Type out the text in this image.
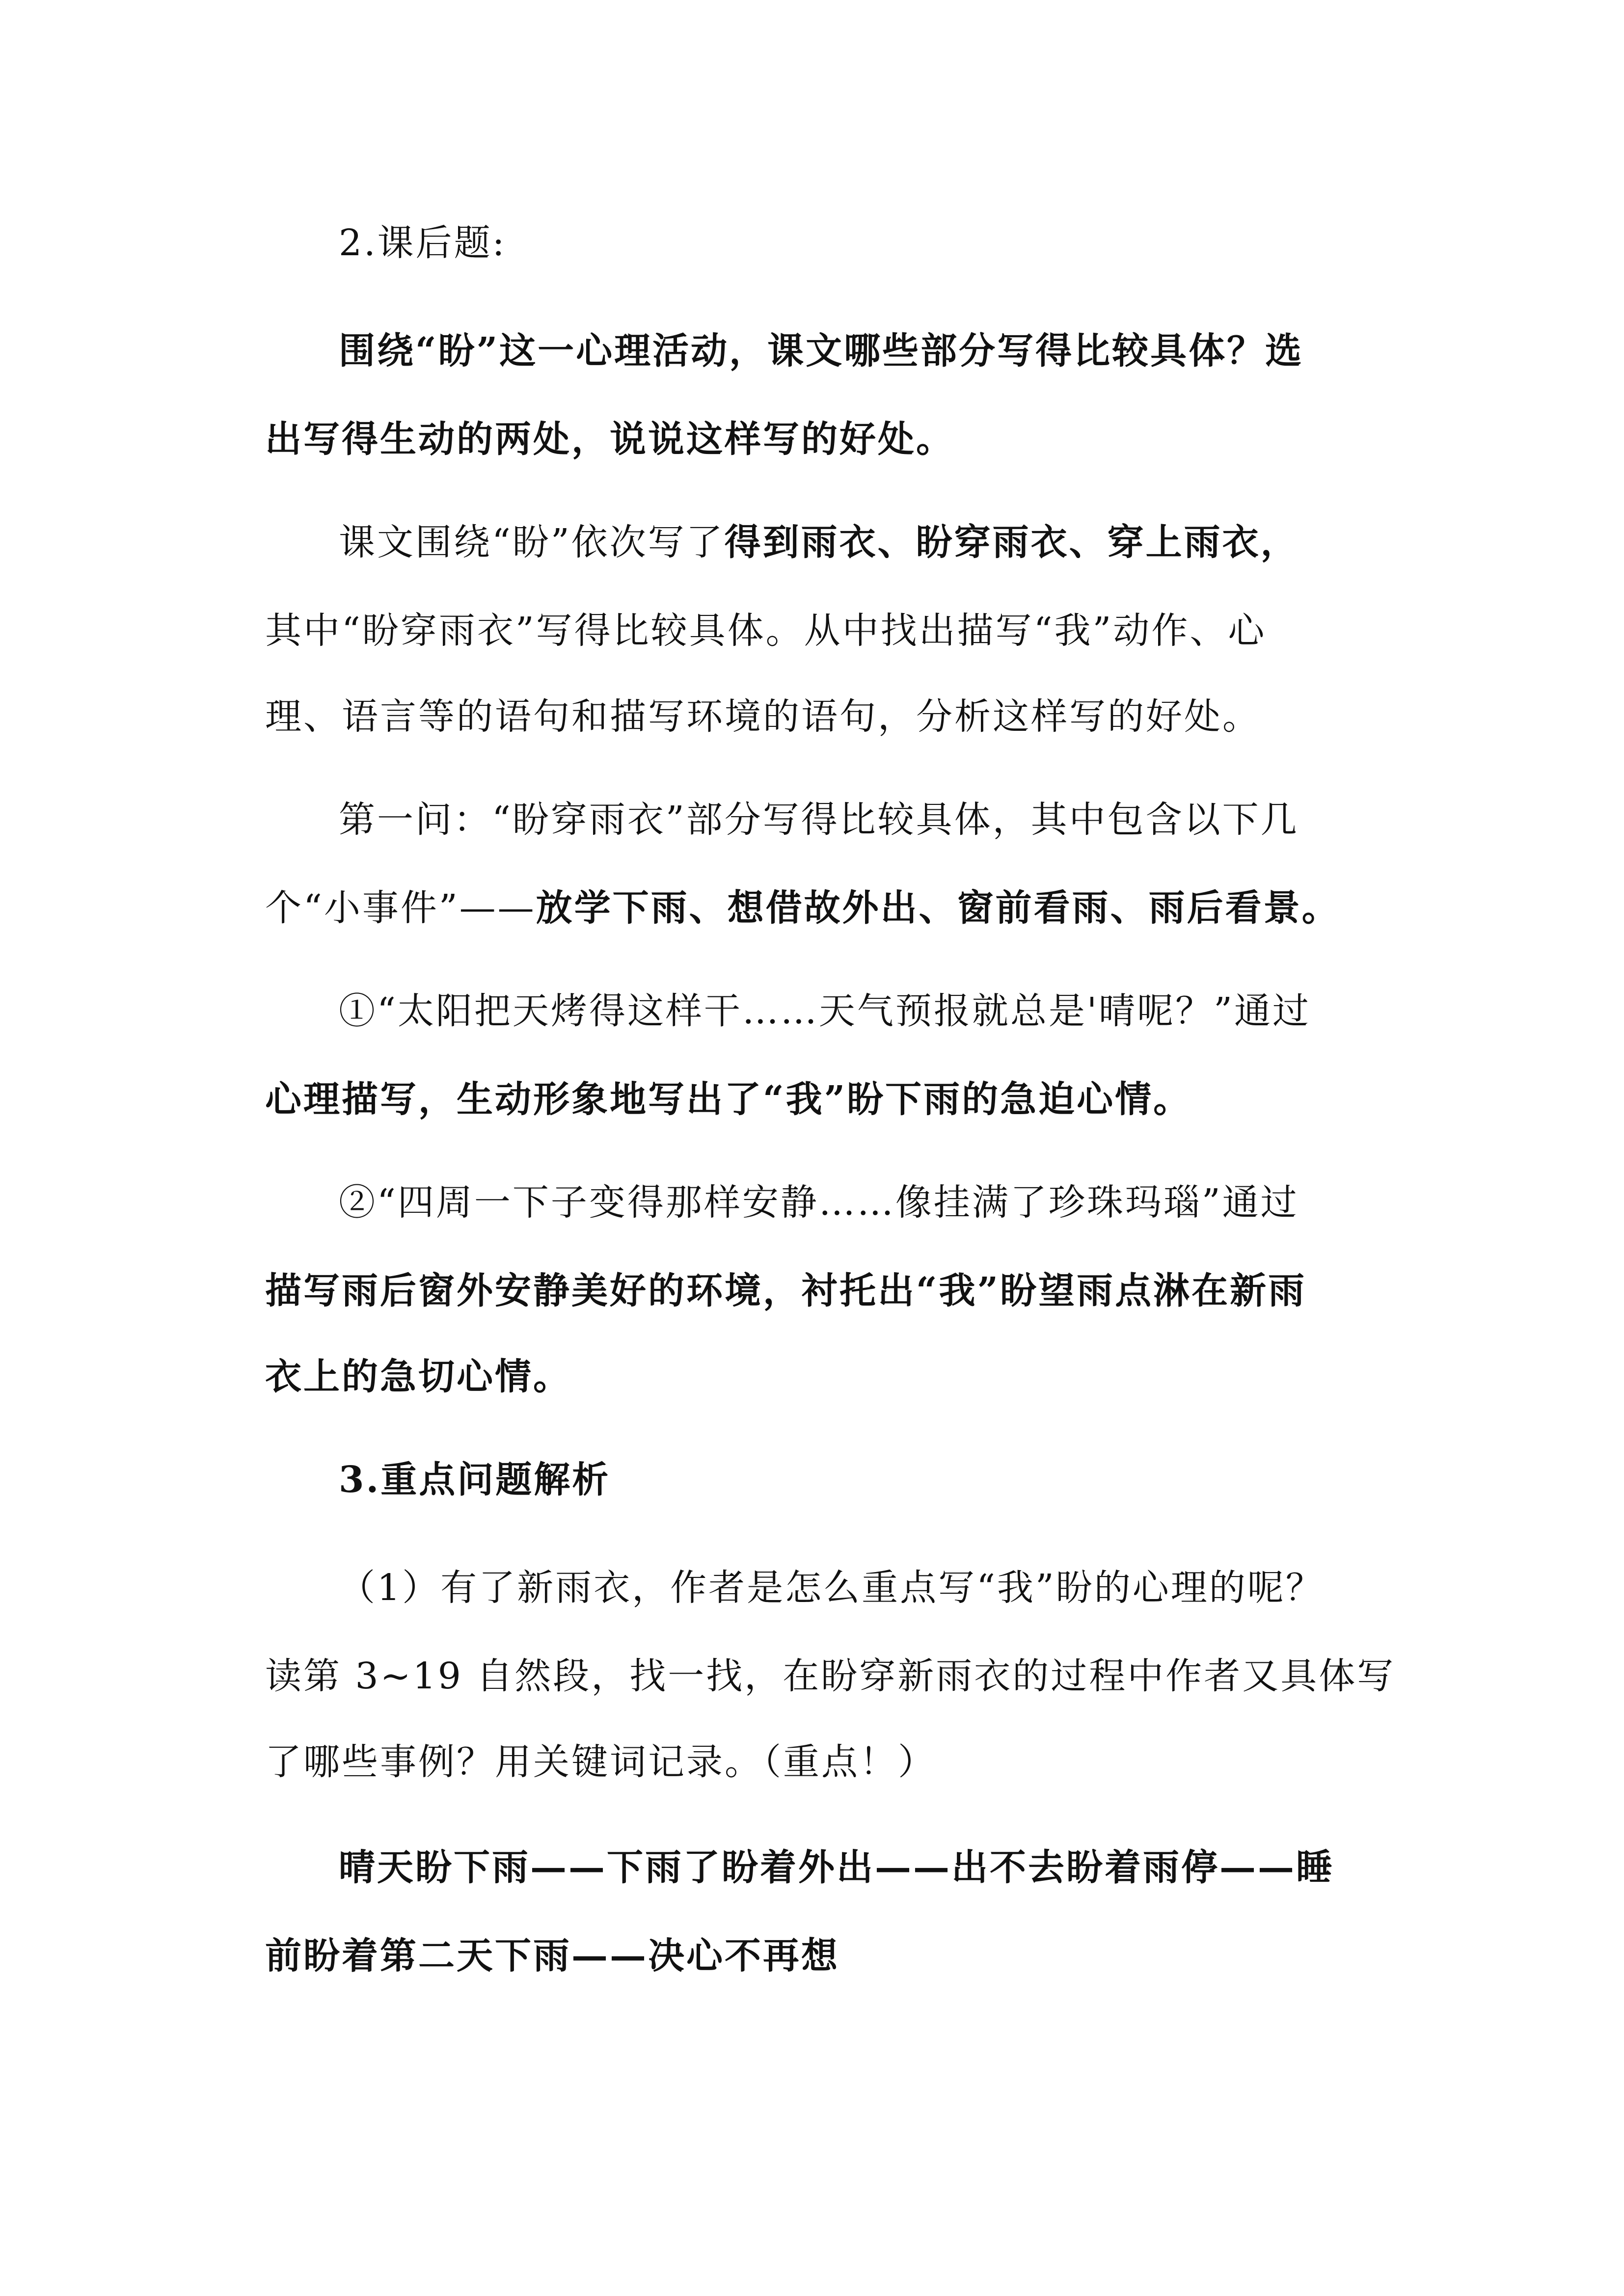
2.课后题:
围绕“盼”这一心理活动，课文哪些部分写得比较具体？选
出写得生动的两处，说说这样写的好处。
课文围绕“盼”依次写了得到雨衣、盼穿雨衣、穿上雨衣，
其中“盼穿雨衣”写得比较具体。从中找出描写“我”动作、心
理、语言等的语句和描写环境的语句，分析这样写的好处。
第一问：“盼穿雨衣”部分写得比较具体，其中包含以下几
个“小事件”——放学下雨、想借故外出、窗前看雨、雨后看景。
①“太阳把天烤得这样干……天气预报就总是'晴呢？”通过
心理描写，生动形象地写出了“我”盼下雨的急迫心情。
②“四周一下子变得那样安静……像挂满了珍珠玛瑙”通过
描写雨后窗外安静美好的环境，衬托出“我”盼望雨点淋在新雨
衣上的急切心情。
3.重点问题解析
（1）有了新雨衣，作者是怎么重点写“我”盼的心理的呢？
读第 3~19 自然段，找一找，在盼穿新雨衣的过程中作者又具体写
了哪些事例？用关键词记录。（重点！）
晴天盼下雨——下雨了盼着外出——出不去盼着雨停——睡
前盼着第二天下雨——决心不再想
